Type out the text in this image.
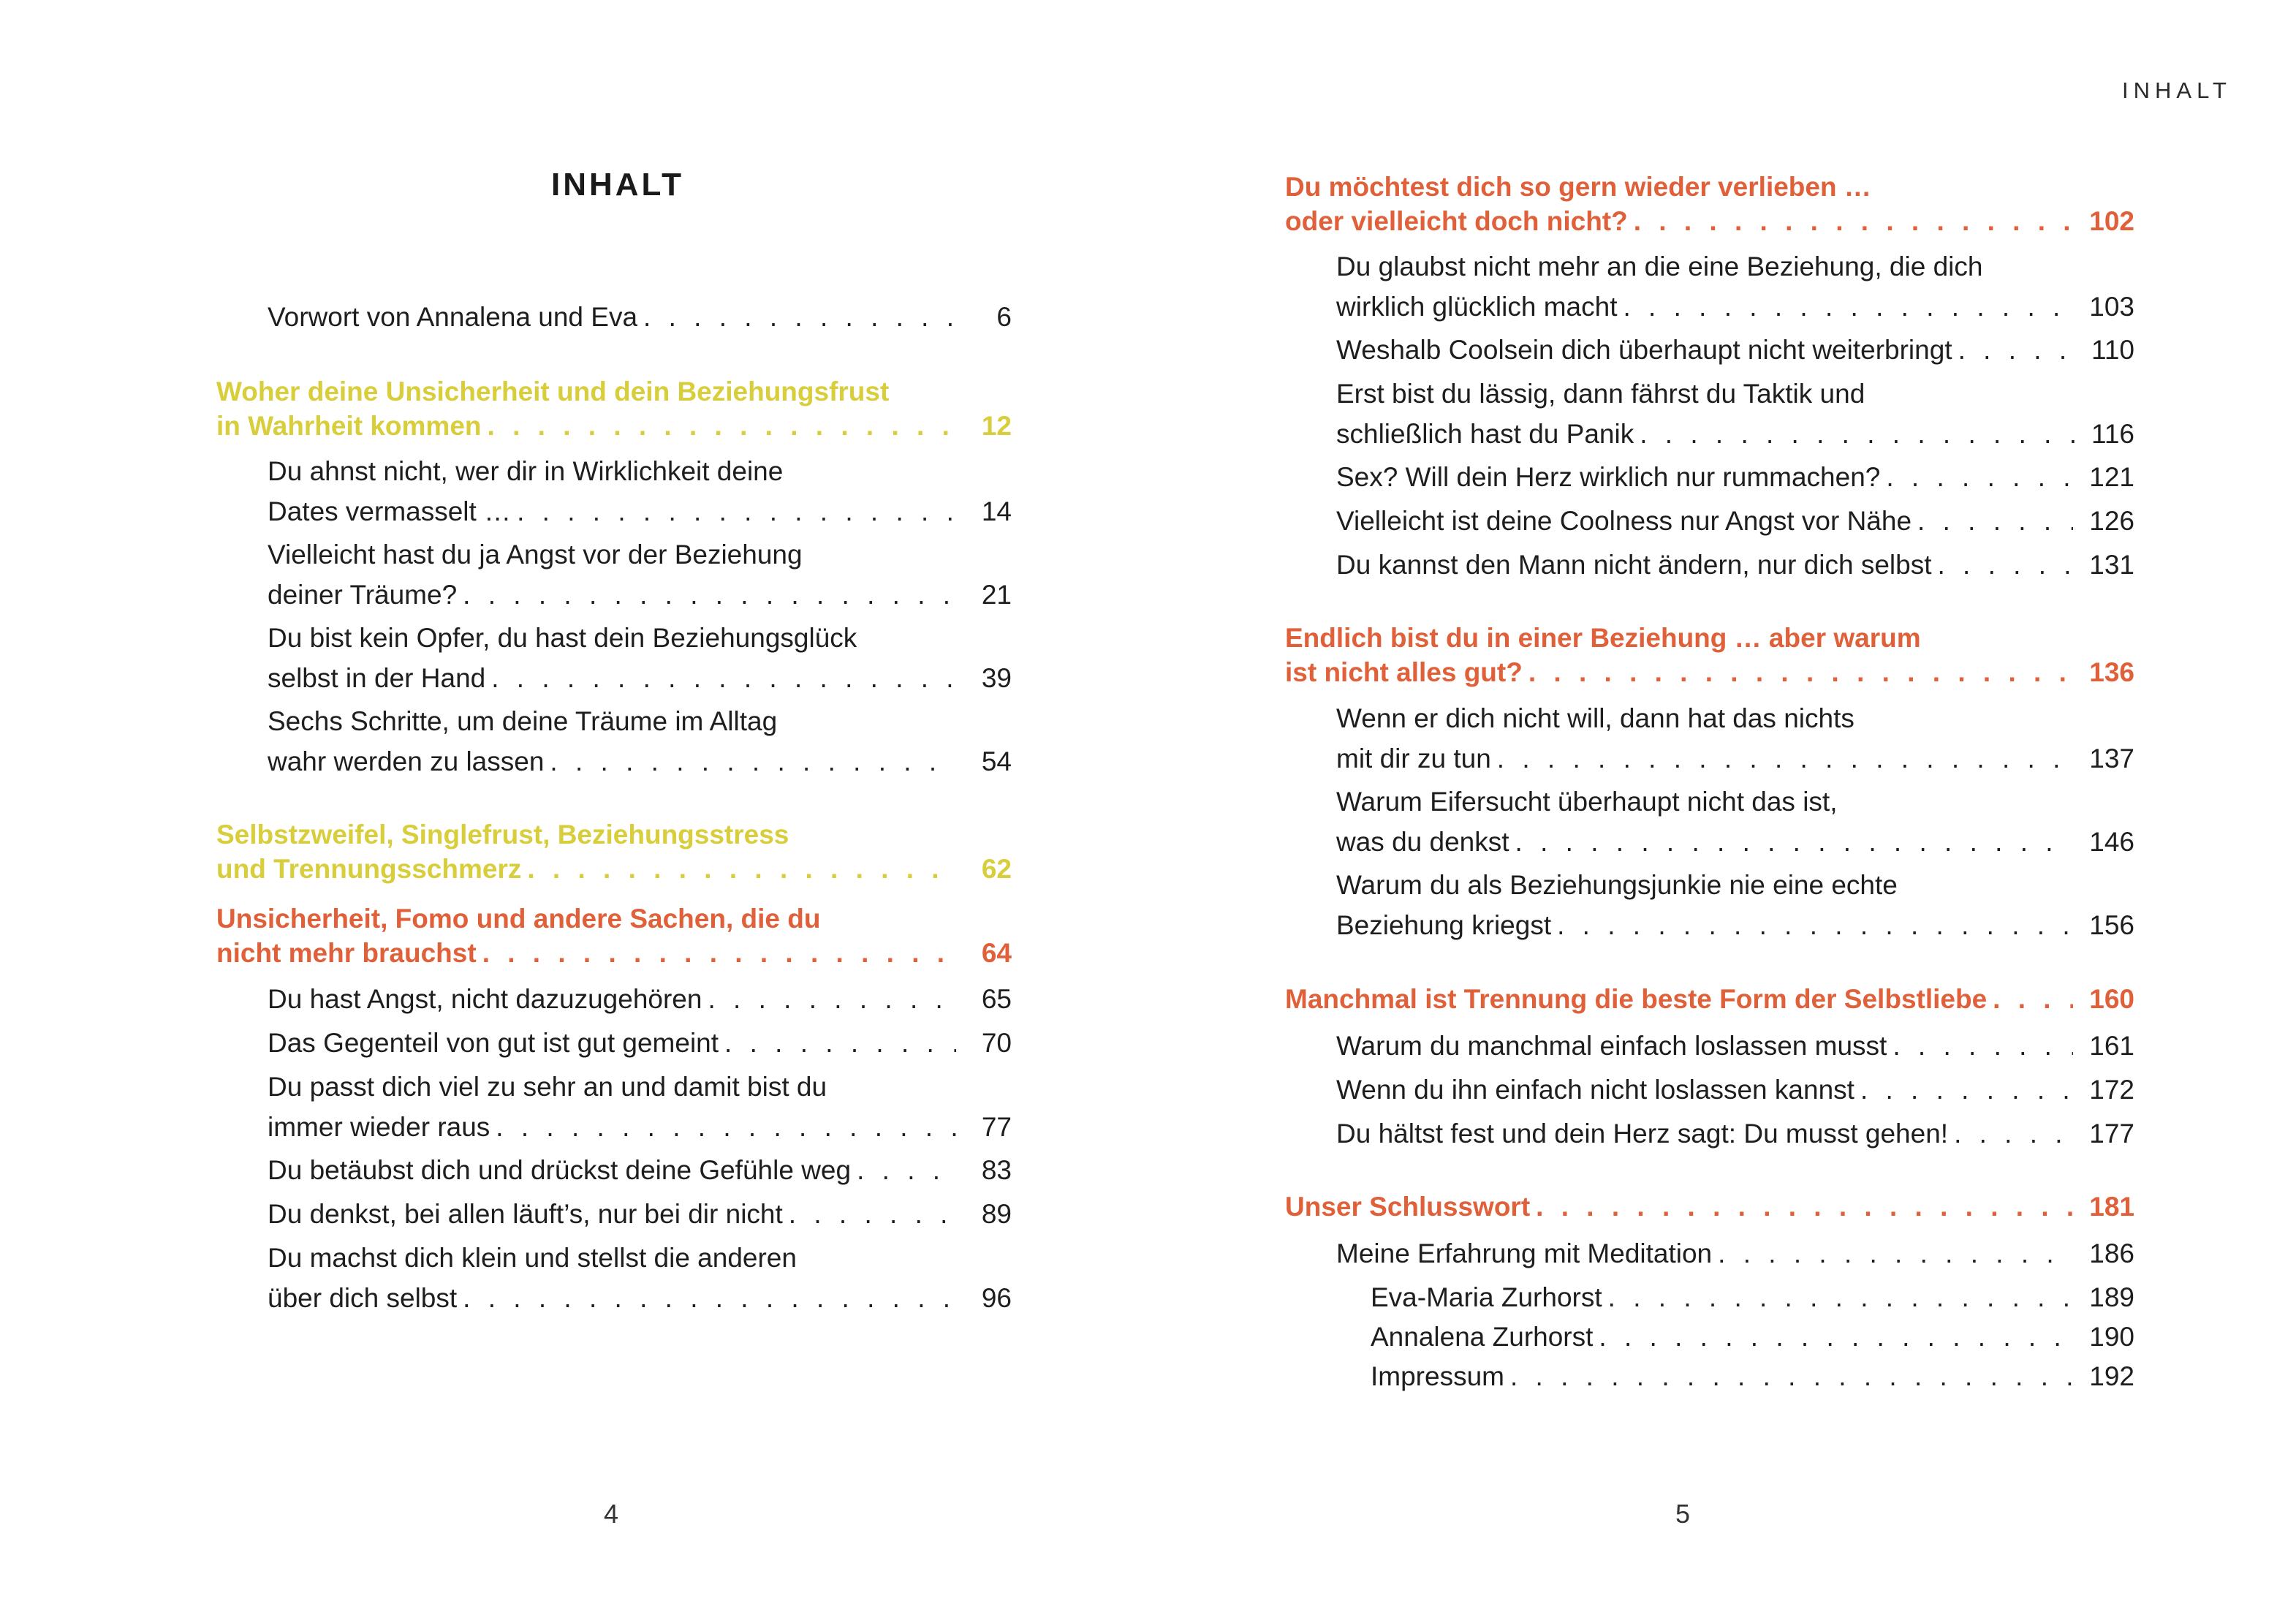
INHALT
Vorwort von Annalena und Eva . . .	6
Woher deine Unsicherheit und dein Beziehungsfrust
in Wahrheit kommen . . .	12
Du ahnst nicht, wer dir in Wirklichkeit deine
Dates vermasselt … . . .	14
Vielleicht hast du ja Angst vor der Beziehung
deiner Träume? . . .	21
Du bist kein Opfer, du hast dein Beziehungsglück
selbst in der Hand . . .	39
Sechs Schritte, um deine Träume im Alltag
wahr werden zu lassen . . .	54
Selbstzweifel, Singlefrust, Beziehungsstress
und Trennungsschmerz . . .	62
Unsicherheit, Fomo und andere Sachen, die du
nicht mehr brauchst . . .	64
Du hast Angst, nicht dazuzugehören . . .	65
Das Gegenteil von gut ist gut gemeint . . .	70
Du passt dich viel zu sehr an und damit bist du
immer wieder raus . . .	77
Du betäubst dich und drückst deine Gefühle weg . . .	83
Du denkst, bei allen läuft’s, nur bei dir nicht . . .	89
Du machst dich klein und stellst die anderen
über dich selbst . . .	96
4
INHALT
Du möchtest dich so gern wieder verlieben …
oder vielleicht doch nicht? . . .	102
Du glaubst nicht mehr an die eine Beziehung, die dich
wirklich glücklich macht . . .	103
Weshalb Coolsein dich überhaupt nicht weiterbringt . . .	110
Erst bist du lässig, dann fährst du Taktik und
schließlich hast du Panik . . .	116
Sex? Will dein Herz wirklich nur rummachen? . . .	121
Vielleicht ist deine Coolness nur Angst vor Nähe . . .	126
Du kannst den Mann nicht ändern, nur dich selbst . . .	131
Endlich bist du in einer Beziehung … aber warum
ist nicht alles gut? . . .	136
Wenn er dich nicht will, dann hat das nichts
mit dir zu tun . . .	137
Warum Eifersucht überhaupt nicht das ist,
was du denkst . . .	146
Warum du als Beziehungsjunkie nie eine echte
Beziehung kriegst . . .	156
Manchmal ist Trennung die beste Form der Selbstliebe . . .	160
Warum du manchmal einfach loslassen musst . . .	161
Wenn du ihn einfach nicht loslassen kannst . . .	172
Du hältst fest und dein Herz sagt: Du musst gehen! . . .	177
Unser Schlusswort . . .	181
Meine Erfahrung mit Meditation . . .	186
Eva-Maria Zurhorst . . .	189
Annalena Zurhorst . . .	190
Impressum . . .	192
5
